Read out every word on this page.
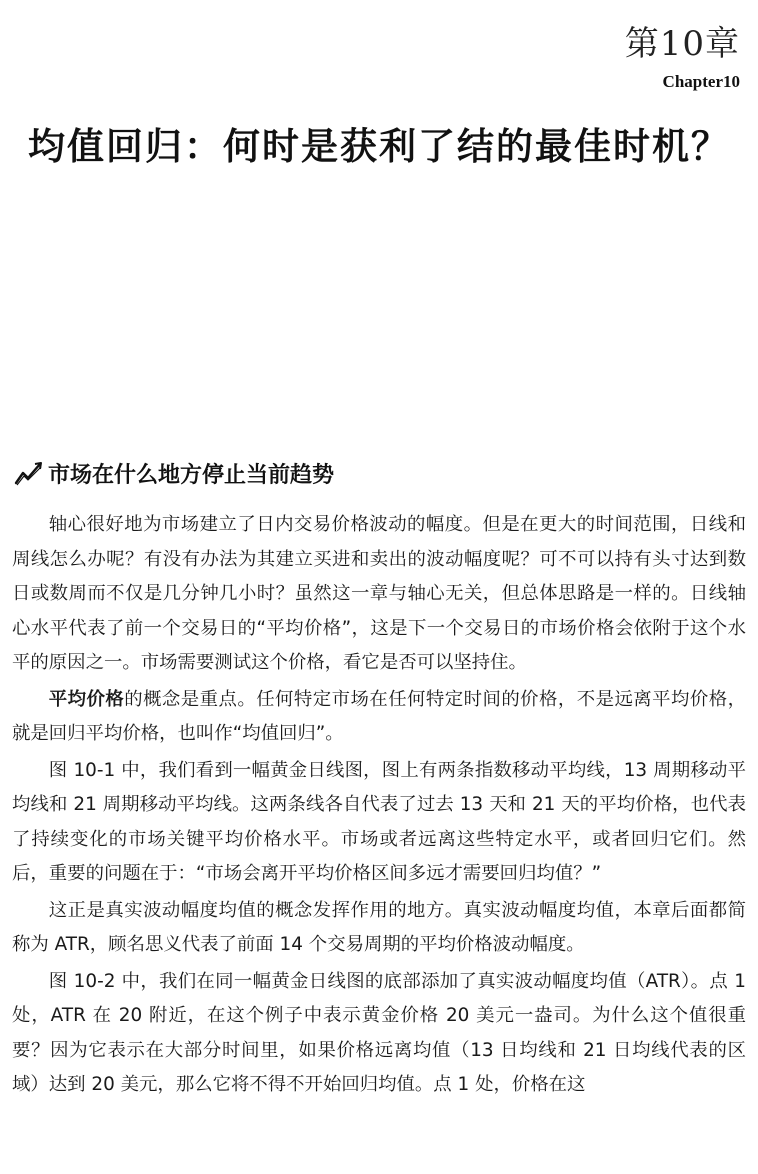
第10章
Chapter10
均值回归：何时是获利了结的最佳时机？
市场在什么地方停止当前趋势

轴心很好地为市场建立了日内交易价格波动的幅度。但是在更大的时间范围，日线和周线怎么办呢？有没有办法为其建立买进和卖出的波动幅度呢？可不可以持有头寸达到数日或数周而不仅是几分钟几小时？虽然这一章与轴心无关，但总体思路是一样的。日线轴心水平代表了前一个交易日的“平均价格”，这是下一个交易日的市场价格会依附于这个水平的原因之一。市场需要测试这个价格，看它是否可以坚持住。

平均价格的概念是重点。任何特定市场在任何特定时间的价格，不是远离平均价格，就是回归平均价格，也叫作“均值回归”。

图 10-1 中，我们看到一幅黄金日线图，图上有两条指数移动平均线，13 周期移动平均线和 21 周期移动平均线。这两条线各自代表了过去 13 天和 21 天的平均价格，也代表了持续变化的市场关键平均价格水平。市场或者远离这些特定水平，或者回归它们。然后，重要的问题在于：“市场会离开平均价格区间多远才需要回归均值？”

这正是真实波动幅度均值的概念发挥作用的地方。真实波动幅度均值，本章后面都简称为 ATR，顾名思义代表了前面 14 个交易周期的平均价格波动幅度。

图 10-2 中，我们在同一幅黄金日线图的底部添加了真实波动幅度均值（ATR）。点 1 处，ATR 在 20 附近，在这个例子中表示黄金价格 20 美元一盎司。为什么这个值很重要？因为它表示在大部分时间里，如果价格远离均值（13 日均线和 21 日均线代表的区域）达到 20 美元，那么它将不得不开始回归均值。点 1 处，价格在这
